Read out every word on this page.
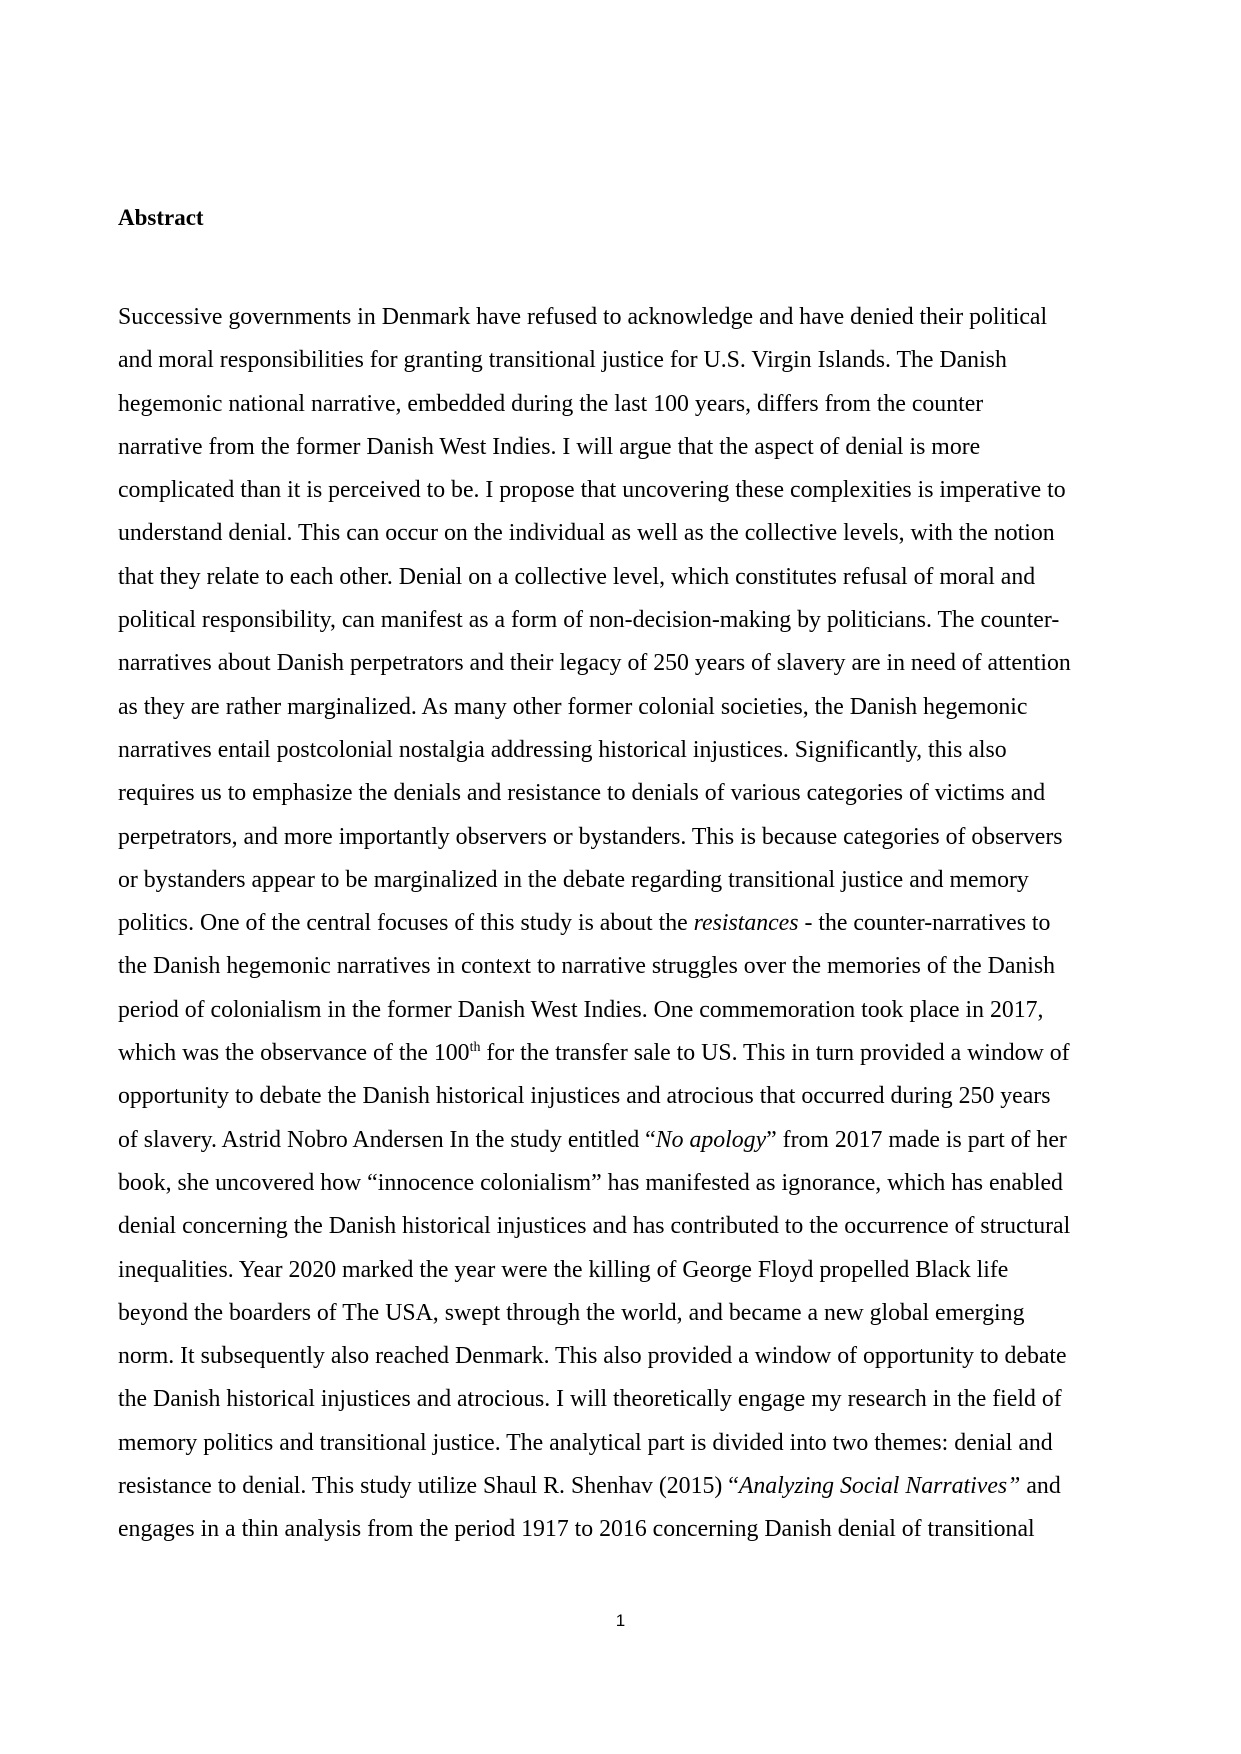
Abstract
Successive governments in Denmark have refused to acknowledge and have denied their political
and moral responsibilities for granting transitional justice for U.S. Virgin Islands. The Danish
hegemonic national narrative, embedded during the last 100 years, differs from the counter
narrative from the former Danish West Indies. I will argue that the aspect of denial is more
complicated than it is perceived to be. I propose that uncovering these complexities is imperative to
understand denial. This can occur on the individual as well as the collective levels, with the notion
that they relate to each other. Denial on a collective level, which constitutes refusal of moral and
political responsibility, can manifest as a form of non-decision-making by politicians. The counter-
narratives about Danish perpetrators and their legacy of 250 years of slavery are in need of attention
as they are rather marginalized. As many other former colonial societies, the Danish hegemonic
narratives entail postcolonial nostalgia addressing historical injustices. Significantly, this also
requires us to emphasize the denials and resistance to denials of various categories of victims and
perpetrators, and more importantly observers or bystanders. This is because categories of observers
or bystanders appear to be marginalized in the debate regarding transitional justice and memory
politics. One of the central focuses of this study is about the resistances - the counter-narratives to
the Danish hegemonic narratives in context to narrative struggles over the memories of the Danish
period of colonialism in the former Danish West Indies. One commemoration took place in 2017,
which was the observance of the 100th for the transfer sale to US. This in turn provided a window of
opportunity to debate the Danish historical injustices and atrocious that occurred during 250 years
of slavery. Astrid Nobro Andersen In the study entitled “No apology” from 2017 made is part of her
book, she uncovered how “innocence colonialism” has manifested as ignorance, which has enabled
denial concerning the Danish historical injustices and has contributed to the occurrence of structural
inequalities. Year 2020 marked the year were the killing of George Floyd propelled Black life
beyond the boarders of The USA, swept through the world, and became a new global emerging
norm. It subsequently also reached Denmark. This also provided a window of opportunity to debate
the Danish historical injustices and atrocious. I will theoretically engage my research in the field of
memory politics and transitional justice. The analytical part is divided into two themes: denial and
resistance to denial. This study utilize Shaul R. Shenhav (2015) “Analyzing Social Narratives” and
engages in a thin analysis from the period 1917 to 2016 concerning Danish denial of transitional
1
